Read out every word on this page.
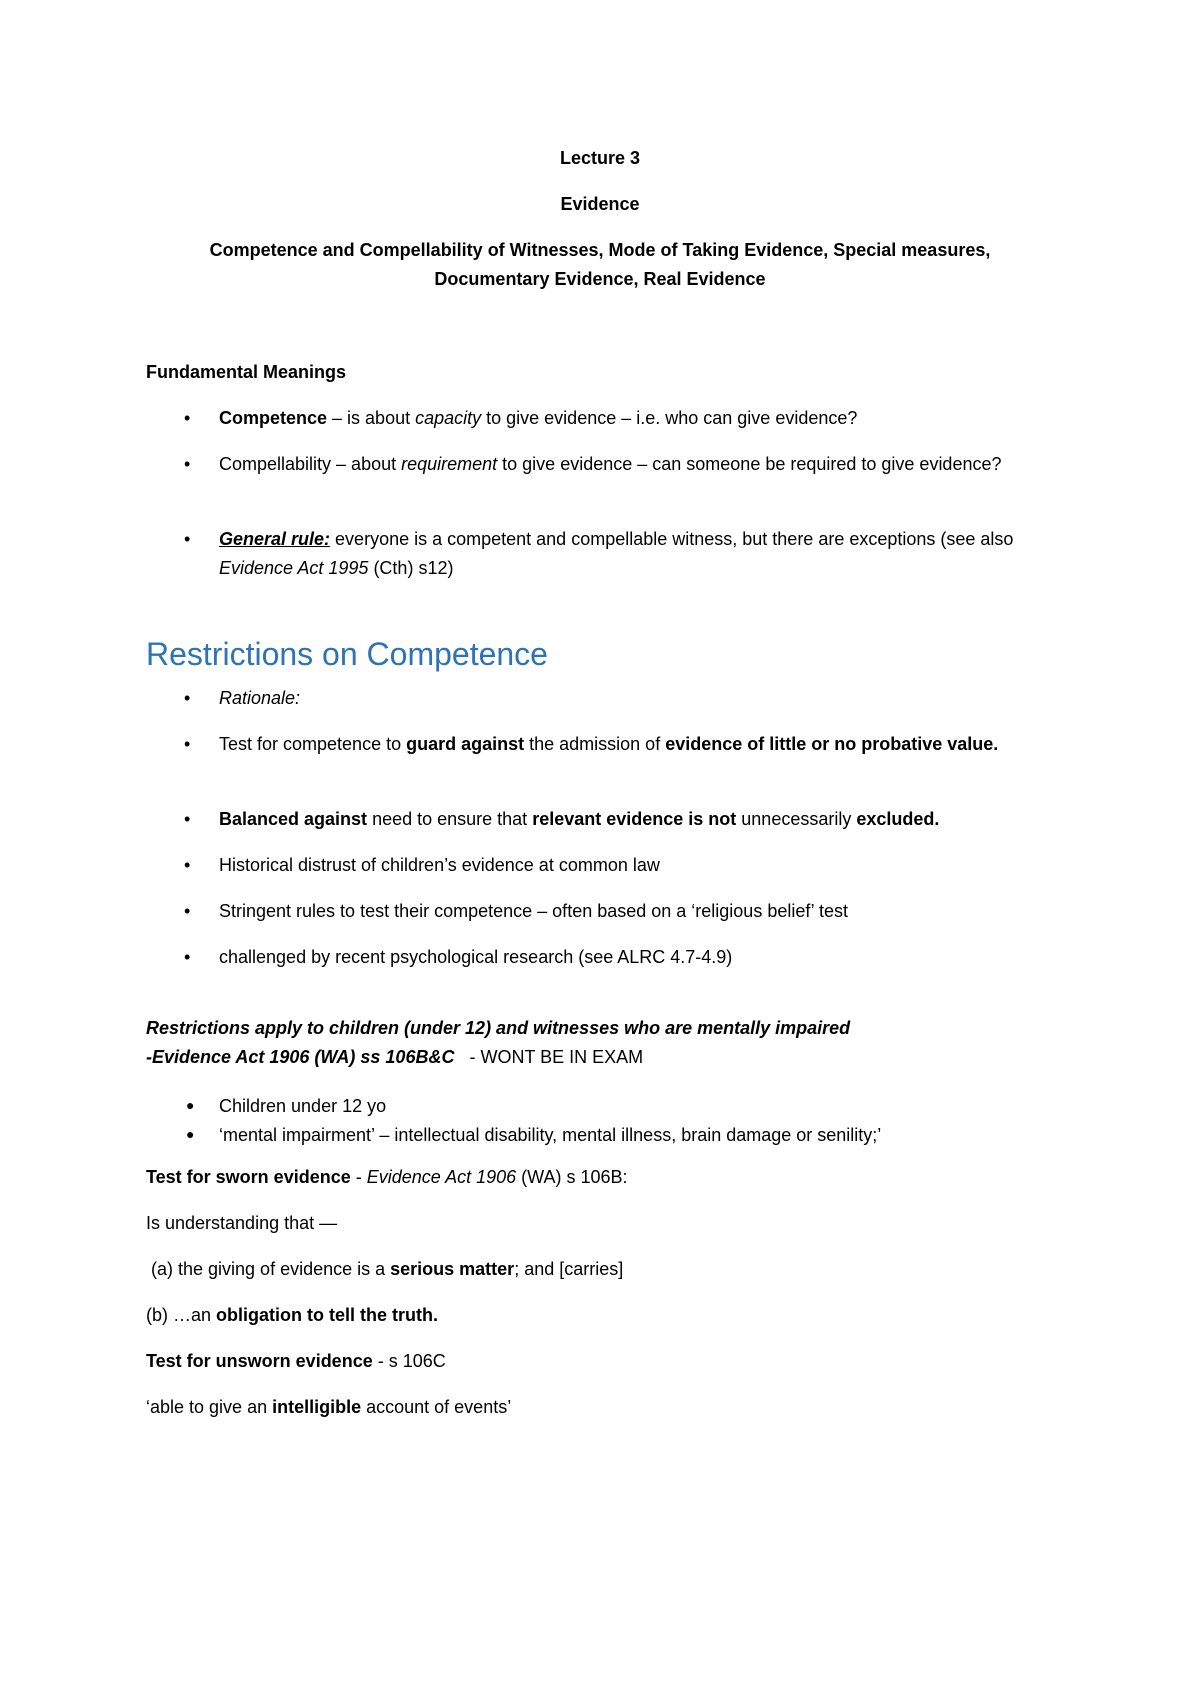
Lecture 3
Evidence
Competence and Compellability of Witnesses, Mode of Taking Evidence, Special measures,
Documentary Evidence, Real Evidence
Fundamental Meanings
• Competence – is about capacity to give evidence – i.e. who can give evidence?
• Compellability – about requirement to give evidence – can someone be required to give evidence?
• General rule: everyone is a competent and compellable witness, but there are exceptions (see also Evidence Act 1995 (Cth) s12)
Restrictions on Competence
• Rationale:
• Test for competence to guard against the admission of evidence of little or no probative value.
• Balanced against need to ensure that relevant evidence is not unnecessarily excluded.
• Historical distrust of children’s evidence at common law
• Stringent rules to test their competence – often based on a ‘religious belief’ test
• challenged by recent psychological research (see ALRC 4.7-4.9)
Restrictions apply to children (under 12) and witnesses who are mentally impaired
-Evidence Act 1906 (WA) ss 106B&C   - WONT BE IN EXAM
● Children under 12 yo
● ‘mental impairment’ – intellectual disability, mental illness, brain damage or senility;’
Test for sworn evidence - Evidence Act 1906 (WA) s 106B:
Is understanding that —
(a) the giving of evidence is a serious matter; and [carries]
(b) …an obligation to tell the truth.
Test for unsworn evidence - s 106C
‘able to give an intelligible account of events’
